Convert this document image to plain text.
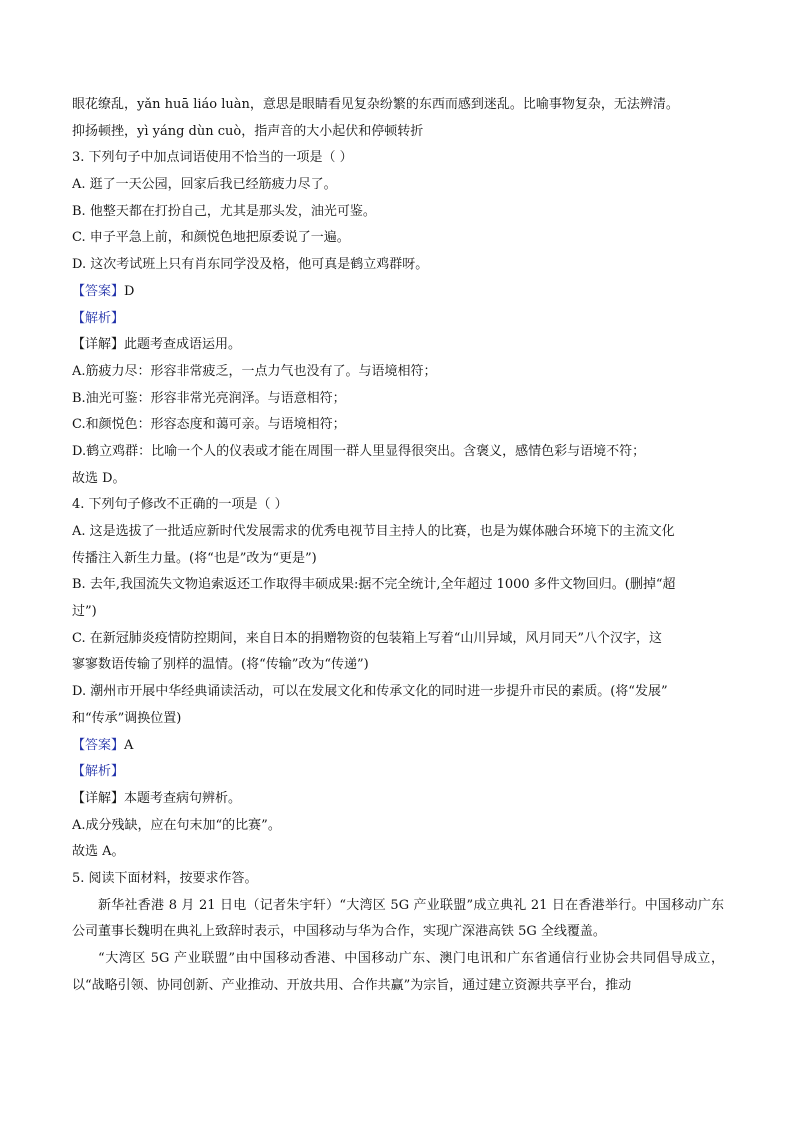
眼花缭乱，yǎn huā liáo luàn，意思是眼睛看见复杂纷繁的东西而感到迷乱。比喻事物复杂，无法辨清。
抑扬顿挫，yì yáng dùn cuò，指声音的大小起伏和停顿转折
3. 下列句子中加点词语使用不恰当的一项是（ ）
A. 逛了一天公园，回家后我已经筋疲力尽了。
B. 他整天都在打扮自己，尤其是那头发，油光可鉴。
C. 申子平急上前，和颜悦色地把原委说了一遍。
D. 这次考试班上只有肖东同学没及格，他可真是鹤立鸡群呀。
【答案】D
【解析】
【详解】此题考查成语运用。
A.筋疲力尽：形容非常疲乏，一点力气也没有了。与语境相符；
B.油光可鉴：形容非常光亮润泽。与语意相符；
C.和颜悦色：形容态度和蔼可亲。与语境相符；
D.鹤立鸡群：比喻一个人的仪表或才能在周围一群人里显得很突出。含褒义，感情色彩与语境不符；
故选 D。
4. 下列句子修改不正确的一项是（ ）
A. 这是选拔了一批适应新时代发展需求的优秀电视节目主持人的比赛，也是为媒体融合环境下的主流文化
传播注入新生力量。(将“也是”改为“更是”)
B. 去年,我国流失文物追索返还工作取得丰硕成果:据不完全统计,全年超过 1000 多件文物回归。(删掉“超
过”)
C. 在新冠肺炎疫情防控期间，来自日本的捐赠物资的包装箱上写着“山川异域，风月同天”八个汉字，这
寥寥数语传输了别样的温情。(将“传输”改为“传递”)
D. 潮州市开展中华经典诵读活动，可以在发展文化和传承文化的同时进一步提升市民的素质。(将“发展”
和“传承”调换位置)
【答案】A
【解析】
【详解】本题考查病句辨析。
A.成分残缺，应在句末加“的比赛”。
故选 A。
5. 阅读下面材料，按要求作答。
新华社香港 8 月 21 日电（记者朱宇轩）“大湾区 5G 产业联盟”成立典礼 21 日在香港举行。中国移动广东公司董事长魏明在典礼上致辞时表示，中国移动与华为合作，实现广深港高铁 5G 全线覆盖。
“大湾区 5G 产业联盟”由中国移动香港、中国移动广东、澳门电讯和广东省通信行业协会共同倡导成立，以“战略引领、协同创新、产业推动、开放共用、合作共赢”为宗旨，通过建立资源共享平台，推动
